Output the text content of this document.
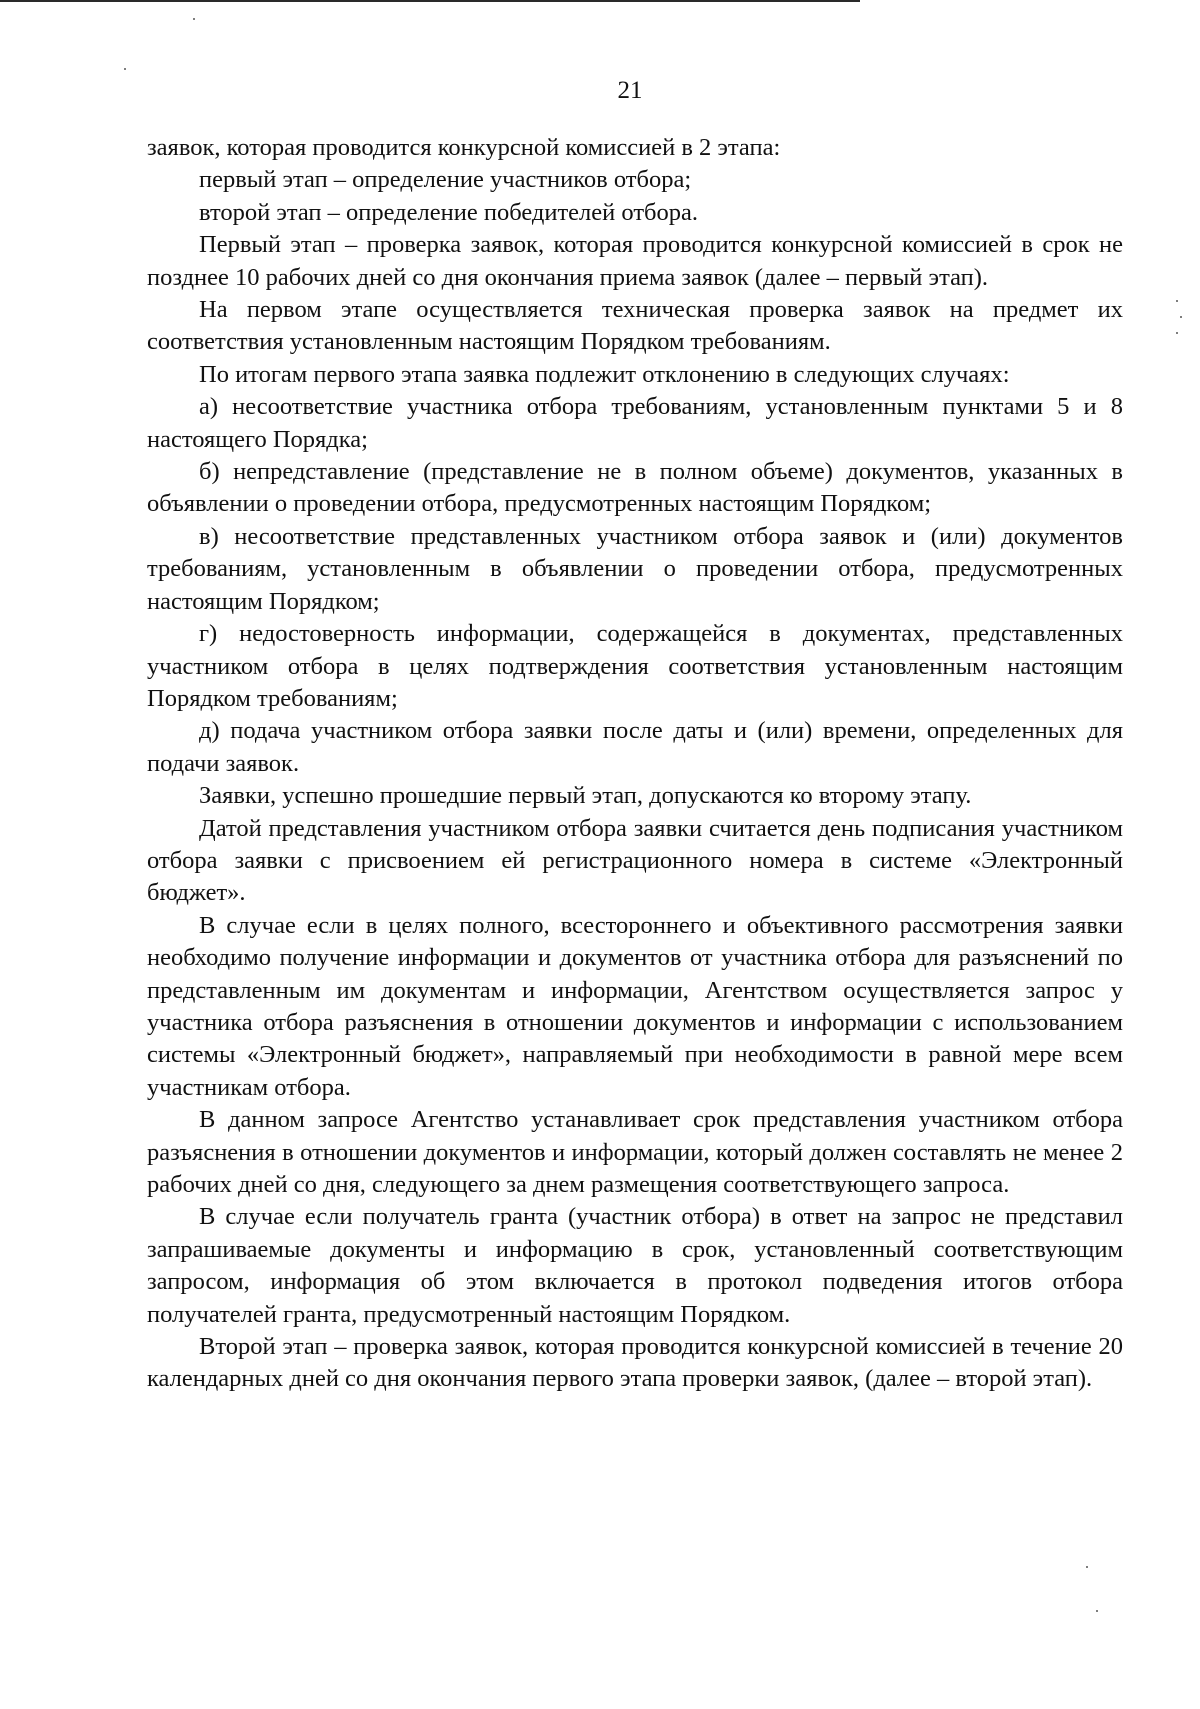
21

заявок, которая проводится конкурсной комиссией в 2 этапа:

первый этап – определение участников отбора;

второй этап – определение победителей отбора.

Первый этап – проверка заявок, которая проводится конкурсной комиссией в срок не позднее 10 рабочих дней со дня окончания приема заявок (далее – первый этап).

На первом этапе осуществляется техническая проверка заявок на предмет их соответствия установленным настоящим Порядком требованиям.

По итогам первого этапа заявка подлежит отклонению в следующих случаях:

а) несоответствие участника отбора требованиям, установленным пунктами 5 и 8 настоящего Порядка;

б) непредставление (представление не в полном объеме) документов, указанных в объявлении о проведении отбора, предусмотренных настоящим Порядком;

в) несоответствие представленных участником отбора заявок и (или) документов требованиям, установленным в объявлении о проведении отбора, предусмотренных настоящим Порядком;

г) недостоверность информации, содержащейся в документах, представленных участником отбора в целях подтверждения соответствия установленным настоящим Порядком требованиям;

д) подача участником отбора заявки после даты и (или) времени, определенных для подачи заявок.

Заявки, успешно прошедшие первый этап, допускаются ко второму этапу.

Датой представления участником отбора заявки считается день подписания участником отбора заявки с присвоением ей регистрационного номера в системе «Электронный бюджет».

В случае если в целях полного, всестороннего и объективного рассмотрения заявки необходимо получение информации и документов от участника отбора для разъяснений по представленным им документам и информации, Агентством осуществляется запрос у участника отбора разъяснения в отношении документов и информации с использованием системы «Электронный бюджет», направляемый при необходимости в равной мере всем участникам отбора.

В данном запросе Агентство устанавливает срок представления участником отбора разъяснения в отношении документов и информации, который должен составлять не менее 2 рабочих дней со дня, следующего за днем размещения соответствующего запроса.

В случае если получатель гранта (участник отбора) в ответ на запрос не представил запрашиваемые документы и информацию в срок, установленный соответствующим запросом, информация об этом включается в протокол подведения итогов отбора получателей гранта, предусмотренный настоящим Порядком.

Второй этап – проверка заявок, которая проводится конкурсной комиссией в течение 20 календарных дней со дня окончания первого этапа проверки заявок, (далее – второй этап).
